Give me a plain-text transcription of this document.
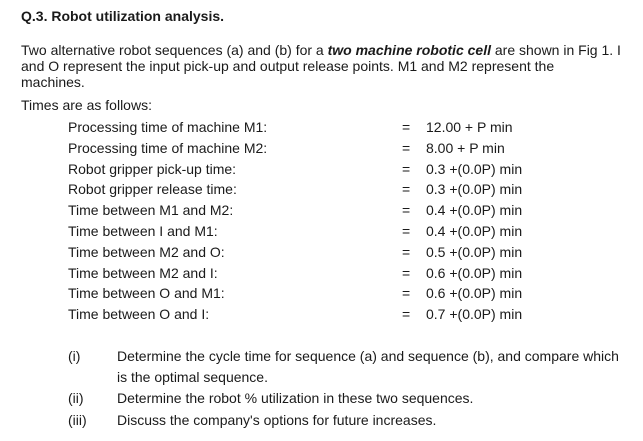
Q.3. Robot utilization analysis.
Two alternative robot sequences (a) and (b) for a two machine robotic cell are shown in Fig 1. I and O represent the input pick-up and output release points. M1 and M2 represent the machines.
Times are as follows:
Processing time of machine M1:	= 12.00 + P min
Processing time of machine M2:	= 8.00 + P min
Robot gripper pick-up time:	= 0.3 +(0.0P) min
Robot gripper release time:	= 0.3 +(0.0P) min
Time between M1 and M2:	= 0.4 +(0.0P) min
Time between I and M1:	= 0.4 +(0.0P) min
Time between M2 and O:	= 0.5 +(0.0P) min
Time between M2 and I:	= 0.6 +(0.0P) min
Time between O and M1:	= 0.6 +(0.0P) min
Time between O and I:	= 0.7 +(0.0P) min
(i)	Determine the cycle time for sequence (a) and sequence (b), and compare which is the optimal sequence.
(ii) Determine the robot % utilization in these two sequences.
(iii) Discuss the company's options for future increases.
